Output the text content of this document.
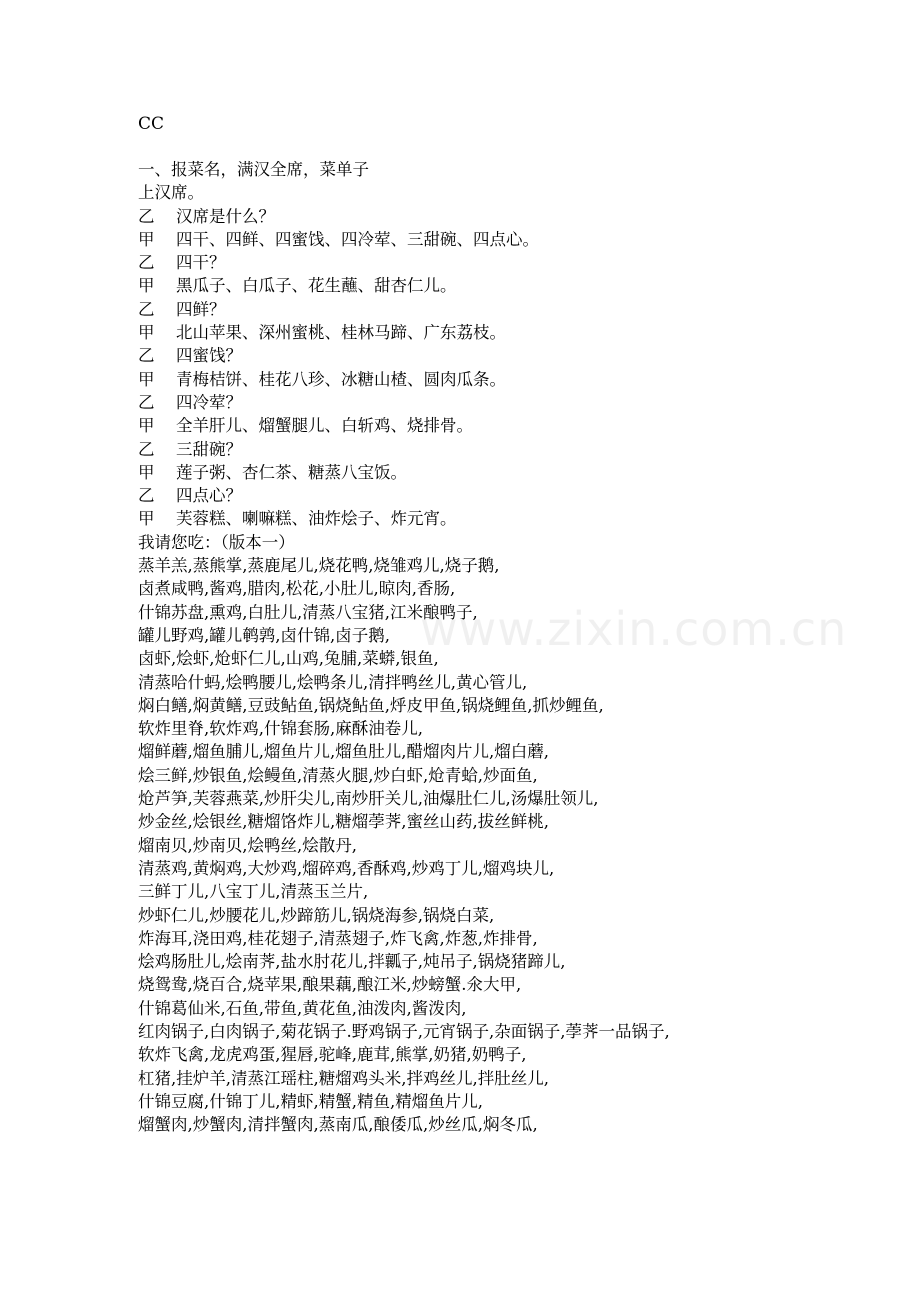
www.zixin.com.cn
CC
一、报菜名，满汉全席，菜单子
上汉席。
乙	汉席是什么？
甲	四干、四鲜、四蜜饯、四冷荤、三甜碗、四点心。
乙	四干？
甲	黑瓜子、白瓜子、花生蘸、甜杏仁儿。
乙	四鲜？
甲	北山苹果、深州蜜桃、桂林马蹄、广东荔枝。
乙	四蜜饯？
甲	青梅桔饼、桂花八珍、冰糖山楂、圆肉瓜条。
乙	四冷荤？
甲	全羊肝儿、熘蟹腿儿、白斩鸡、烧排骨。
乙	三甜碗？
甲	莲子粥、杏仁茶、糖蒸八宝饭。
乙	四点心？
甲	芙蓉糕、喇嘛糕、油炸烩子、炸元宵。
我请您吃：（版本一）
蒸羊羔,蒸熊掌,蒸鹿尾儿,烧花鸭,烧雏鸡儿,烧子鹅,
卤煮咸鸭,酱鸡,腊肉,松花,小肚儿,晾肉,香肠,
什锦苏盘,熏鸡,白肚儿,清蒸八宝猪,江米酿鸭子,
罐儿野鸡,罐儿鹌鹑,卤什锦,卤子鹅,
卤虾,烩虾,炝虾仁儿,山鸡,兔脯,菜蟒,银鱼,
清蒸哈什蚂,烩鸭腰儿,烩鸭条儿,清拌鸭丝儿,黄心管儿,
焖白鳝,焖黄鳝,豆豉鲇鱼,锅烧鲇鱼,烀皮甲鱼,锅烧鲤鱼,抓炒鲤鱼,
软炸里脊,软炸鸡,什锦套肠,麻酥油卷儿,
熘鲜蘑,熘鱼脯儿,熘鱼片儿,熘鱼肚儿,醋熘肉片儿,熘白蘑,
烩三鲜,炒银鱼,烩鳗鱼,清蒸火腿,炒白虾,炝青蛤,炒面鱼,
炝芦笋,芙蓉燕菜,炒肝尖儿,南炒肝关儿,油爆肚仁儿,汤爆肚领儿,
炒金丝,烩银丝,糖熘饹炸儿,糖熘荸荠,蜜丝山药,拔丝鲜桃,
熘南贝,炒南贝,烩鸭丝,烩散丹,
清蒸鸡,黄焖鸡,大炒鸡,熘碎鸡,香酥鸡,炒鸡丁儿,熘鸡块儿,
三鲜丁儿,八宝丁儿,清蒸玉兰片,
炒虾仁儿,炒腰花儿,炒蹄筋儿,锅烧海参,锅烧白菜,
炸海耳,浇田鸡,桂花翅子,清蒸翅子,炸飞禽,炸葱,炸排骨,
烩鸡肠肚儿,烩南荠,盐水肘花儿,拌瓤子,炖吊子,锅烧猪蹄儿,
烧鸳鸯,烧百合,烧苹果,酿果藕,酿江米,炒螃蟹.氽大甲,
什锦葛仙米,石鱼,带鱼,黄花鱼,油泼肉,酱泼肉,
红肉锅子,白肉锅子,菊花锅子.野鸡锅子,元宵锅子,杂面锅子,荸荠一品锅子,
软炸飞禽,龙虎鸡蛋,猩唇,驼峰,鹿茸,熊掌,奶猪,奶鸭子,
杠猪,挂炉羊,清蒸江瑶柱,糖熘鸡头米,拌鸡丝儿,拌肚丝儿,
什锦豆腐,什锦丁儿,精虾,精蟹,精鱼,精熘鱼片儿,
熘蟹肉,炒蟹肉,清拌蟹肉,蒸南瓜,酿倭瓜,炒丝瓜,焖冬瓜,
